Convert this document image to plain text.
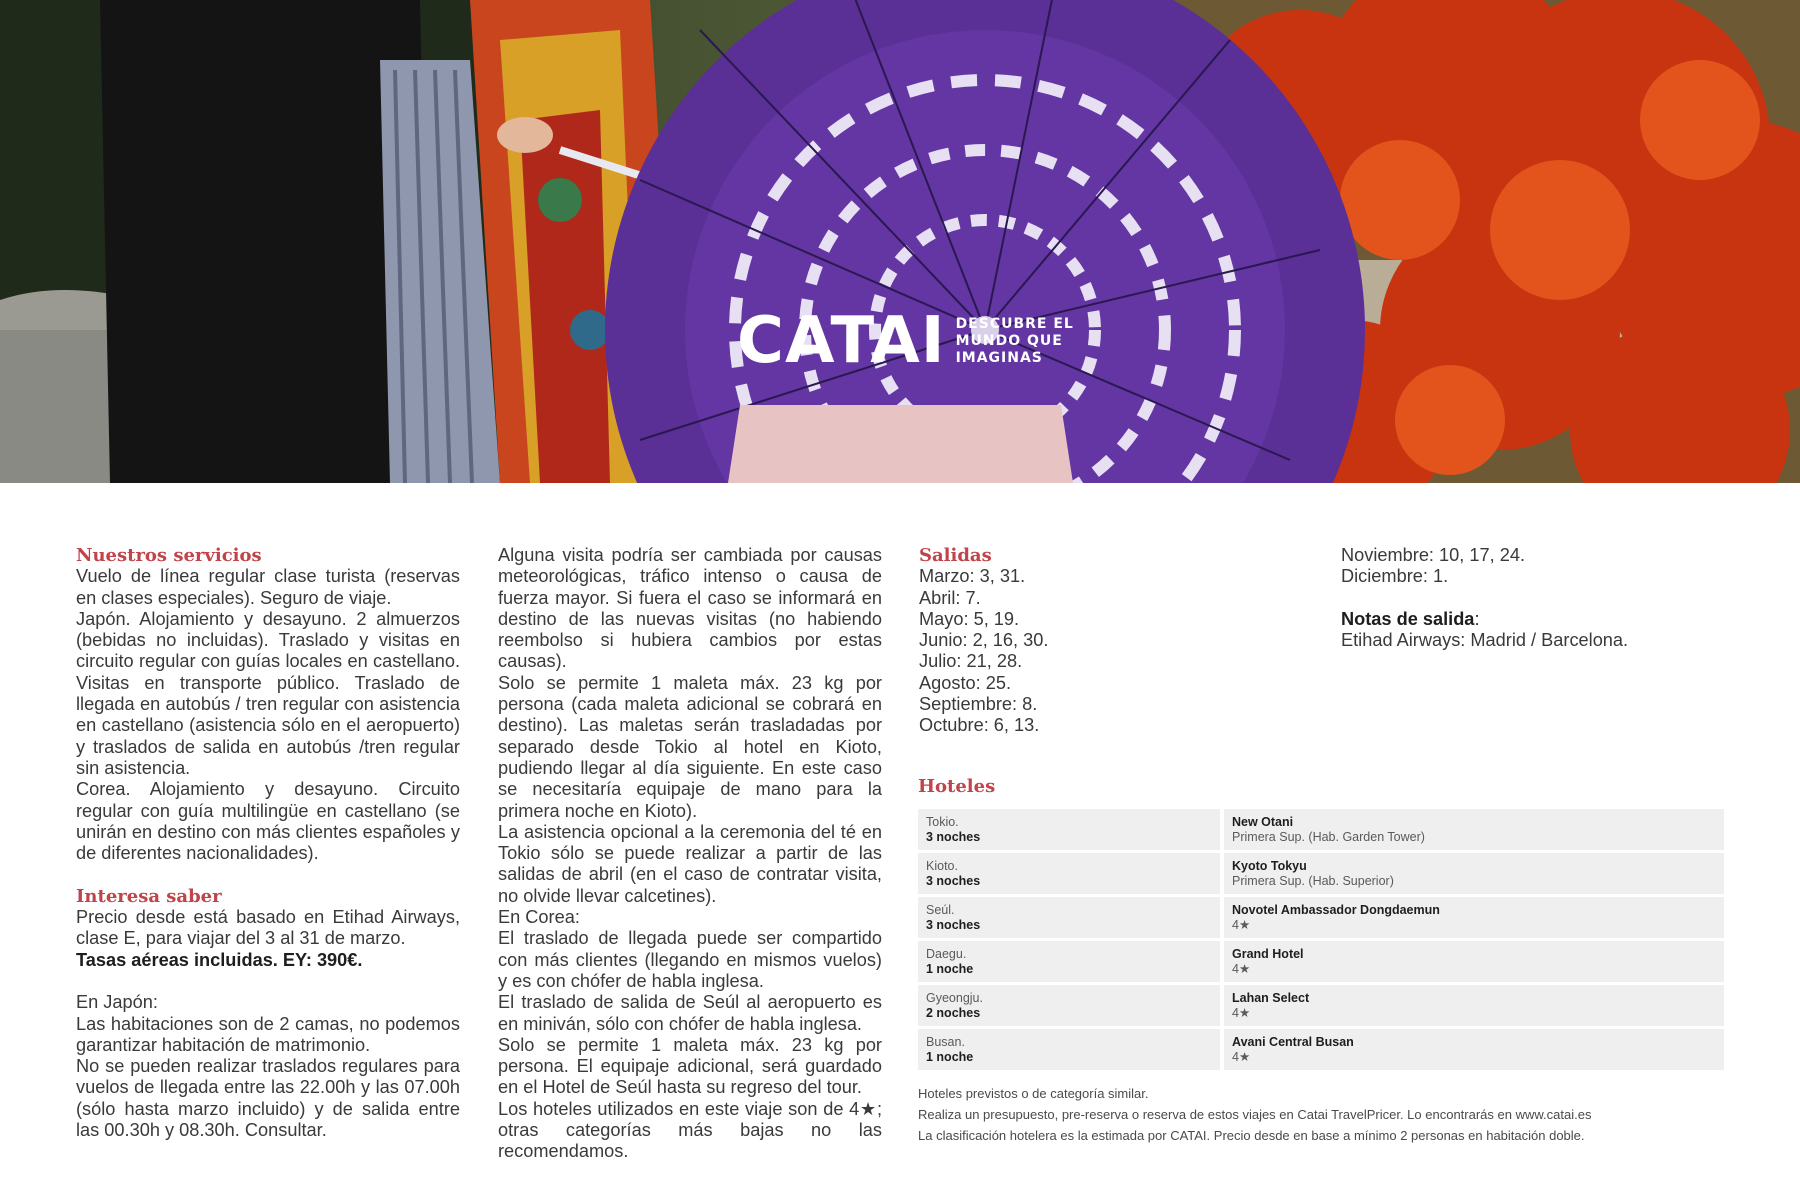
CATAI DESCUBRE EL
MUNDO QUE
IMAGINAS
Nuestros servicios

Vuelo de línea regular clase turista (reservas en clases especiales). Seguro de viaje.

Japón. Alojamiento y desayuno. 2 almuerzos (bebidas no incluidas). Traslado y visitas en circuito regular con guías locales en castellano. Visitas en transporte público. Traslado de llegada en autobús / tren regular con asistencia en castellano (asistencia sólo en el aeropuerto) y traslados de salida en autobús /tren regular sin asistencia.

Corea. Alojamiento y desayuno. Circuito regular con guía multilingüe en castellano (se unirán en destino con más clientes españoles y de diferentes nacionalidades).

Interesa saber

Precio desde está basado en Etihad Airways, clase E, para viajar del 3 al 31 de marzo.

Tasas aéreas incluidas. EY: 390€.

En Japón:

Las habitaciones son de 2 camas, no podemos garantizar habitación de matrimonio.

No se pueden realizar traslados regulares para vuelos de llegada entre las 22.00h y las 07.00h (sólo hasta marzo incluido) y de salida entre las 00.30h y 08.30h. Consultar.

Alguna visita podría ser cambiada por causas meteorológicas, tráfico intenso o causa de fuerza mayor. Si fuera el caso se informará en destino de las nuevas visitas (no habiendo reembolso si hubiera cambios por estas causas).

Solo se permite 1 maleta máx. 23 kg por persona (cada maleta adicional se cobrará en destino). Las maletas serán trasladadas por separado desde Tokio al hotel en Kioto, pudiendo llegar al día siguiente. En este caso se necesitaría equipaje de mano para la primera noche en Kioto).

La asistencia opcional a la ceremonia del té en Tokio sólo se puede realizar a partir de las salidas de abril (en el caso de contratar visita, no olvide llevar calcetines).

En Corea:

El traslado de llegada puede ser compartido con más clientes (llegando en mismos vuelos) y es con chófer de habla inglesa.

El traslado de salida de Seúl al aeropuerto es en miniván, sólo con chófer de habla inglesa.

Solo se permite 1 maleta máx. 23 kg por persona. El equipaje adicional, será guardado en el Hotel de Seúl hasta su regreso del tour.

Los hoteles utilizados en este viaje son de 4★; otras categorías más bajas no las recomendamos.

Salidas
Marzo: 3, 31.
Abril: 7.
Mayo: 5, 19.
Junio: 2, 16, 30.
Julio: 21, 28.
Agosto: 25.
Septiembre: 8.
Octubre: 6, 13.
Noviembre: 10, 17, 24.
Diciembre: 1.
Notas de salida:
Etihad Airways: Madrid / Barcelona.
Hoteles
Tokio.
3 noches
New Otani
Primera Sup. (Hab. Garden Tower)
Kioto.
3 noches
Kyoto Tokyu
Primera Sup. (Hab. Superior)
Seúl.
3 noches
Novotel Ambassador Dongdaemun
4★
Daegu.
1 noche
Grand Hotel
4★
Gyeongju.
2 noches
Lahan Select
4★
Busan.
1 noche
Avani Central Busan
4★
Hoteles previstos o de categoría similar.
Realiza un presupuesto, pre-reserva o reserva de estos viajes en Catai TravelPricer. Lo encontrarás en www.catai.es
La clasificación hotelera es la estimada por CATAI. Precio desde en base a mínimo 2 personas en habitación doble.
